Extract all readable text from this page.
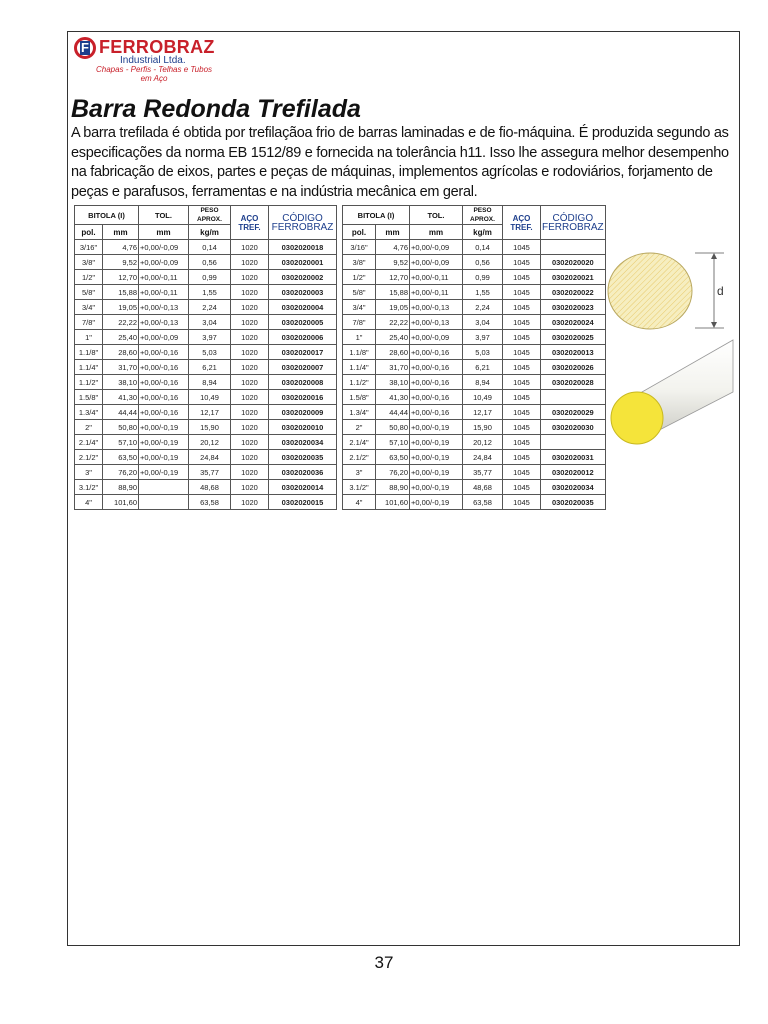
F FERROBRAZ
Industrial Ltda.
Chapas - Perfis - Telhas e Tubos em Aço
Barra Redonda Trefilada
A barra trefilada é obtida por trefilaçãoa frio de barras laminadas e de fio-máquina. É produzida segundo as especificações da norma EB 1512/89 e fornecida na tolerância h11. Isso lhe assegura melhor desempenho na fabricação de eixos, partes e peças de máquinas, implementos agrícolas e rodoviários, forjamento de peças e parafusos, ferramentas e na indústria mecânica em geral.
BITOLA (I)		TOL.	PESO APROX.	AÇO TREF.	CÓDIGO FERROBRAZ
pol.	mm	mm	kg/m		
3/16"	4,76	+0,00/-0,09	0,14	1020	0302020018
3/8"	9,52	+0,00/-0,09	0,56	1020	0302020001
1/2"	12,70	+0,00/-0,11	0,99	1020	0302020002
5/8"	15,88	+0,00/-0,11	1,55	1020	0302020003
3/4"	19,05	+0,00/-0,13	2,24	1020	0302020004
7/8"	22,22	+0,00/-0,13	3,04	1020	0302020005
1"	25,40	+0,00/-0,09	3,97	1020	0302020006
1.1/8"	28,60	+0,00/-0,16	5,03	1020	0302020017
1.1/4"	31,70	+0,00/-0,16	6,21	1020	0302020007
1.1/2"	38,10	+0,00/-0,16	8,94	1020	0302020008
1.5/8"	41,30	+0,00/-0,16	10,49	1020	0302020016
1.3/4"	44,44	+0,00/-0,16	12,17	1020	0302020009
2"	50,80	+0,00/-0,19	15,90	1020	0302020010
2.1/4"	57,10	+0,00/-0,19	20,12	1020	0302020034
2.1/2"	63,50	+0,00/-0,19	24,84	1020	0302020035
3"	76,20	+0,00/-0,19	35,77	1020	0302020036
3.1/2"	88,90		48,68	1020	0302020014
4"	101,60		63,58	1020	0302020015
BITOLA (I)		TOL.	PESO APROX.	AÇO TREF.	CÓDIGO FERROBRAZ
pol.	mm	mm	kg/m		
3/16"	4,76	+0,00/-0,09	0,14	1045	
3/8"	9,52	+0,00/-0,09	0,56	1045	0302020020
1/2"	12,70	+0,00/-0,11	0,99	1045	0302020021
5/8"	15,88	+0,00/-0,11	1,55	1045	0302020022
3/4"	19,05	+0,00/-0,13	2,24	1045	0302020023
7/8"	22,22	+0,00/-0,13	3,04	1045	0302020024
1"	25,40	+0,00/-0,09	3,97	1045	0302020025
1.1/8"	28,60	+0,00/-0,16	5,03	1045	0302020013
1.1/4"	31,70	+0,00/-0,16	6,21	1045	0302020026
1.1/2"	38,10	+0,00/-0,16	8,94	1045	0302020028
1.5/8"	41,30	+0,00/-0,16	10,49	1045	
1.3/4"	44,44	+0,00/-0,16	12,17	1045	0302020029
2"	50,80	+0,00/-0,19	15,90	1045	0302020030
2.1/4"	57,10	+0,00/-0,19	20,12	1045	
2.1/2"	63,50	+0,00/-0,19	24,84	1045	0302020031
3"	76,20	+0,00/-0,19	35,77	1045	0302020012
3.1/2"	88,90	+0,00/-0,19	48,68	1045	0302020034
4"	101,60	+0,00/-0,19	63,58	1045	0302020035
d
37
